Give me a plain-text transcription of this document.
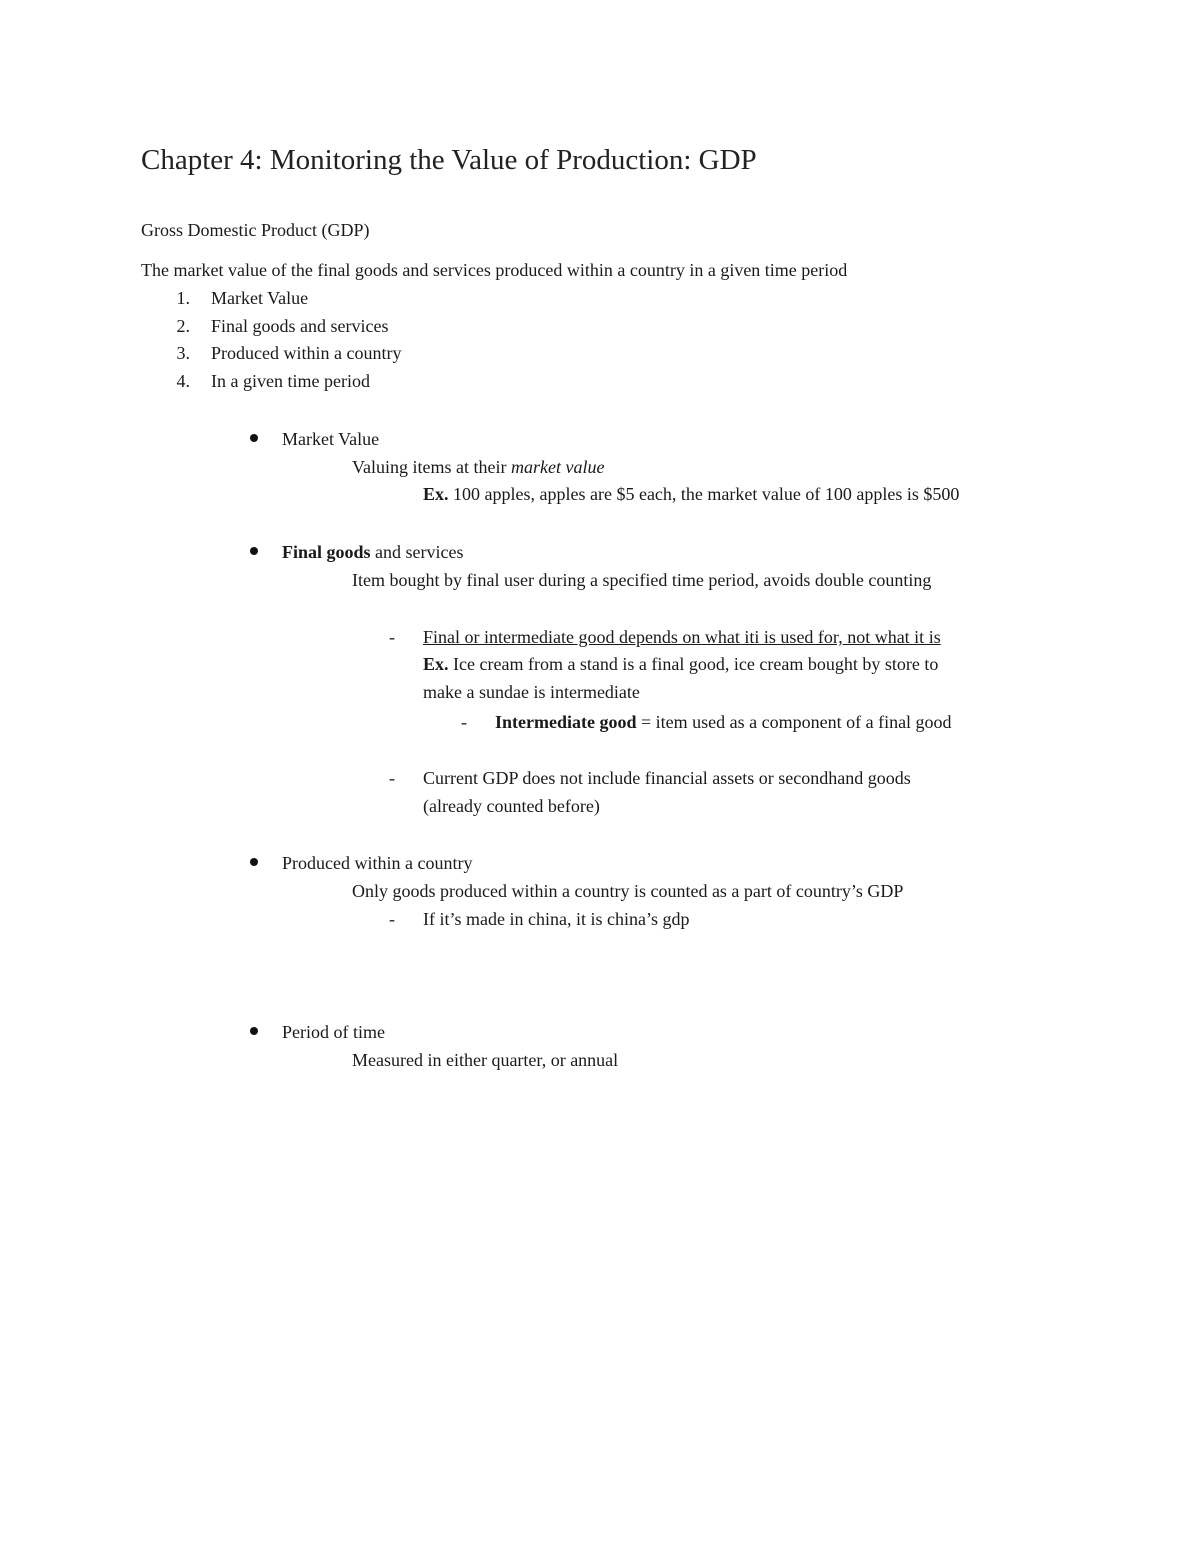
Chapter 4: Monitoring the Value of Production: GDP
Gross Domestic Product (GDP)
The market value of the final goods and services produced within a country in a given time period
1. Market Value
2. Final goods and services
3. Produced within a country
4. In a given time period
Market Value
Valuing items at their market value
Ex. 100 apples, apples are $5 each, the market value of 100 apples is $500
Final goods and services
Item bought by final user during a specified time period, avoids double counting
- Final or intermediate good depends on what iti is used for, not what it is
Ex. Ice cream from a stand is a final good, ice cream bought by store to
make a sundae is intermediate
- Intermediate good = item used as a component of a final good
- Current GDP does not include financial assets or secondhand goods
(already counted before)
Produced within a country
Only goods produced within a country is counted as a part of country’s GDP
- If it’s made in china, it is china’s gdp
Period of time
Measured in either quarter, or annual
